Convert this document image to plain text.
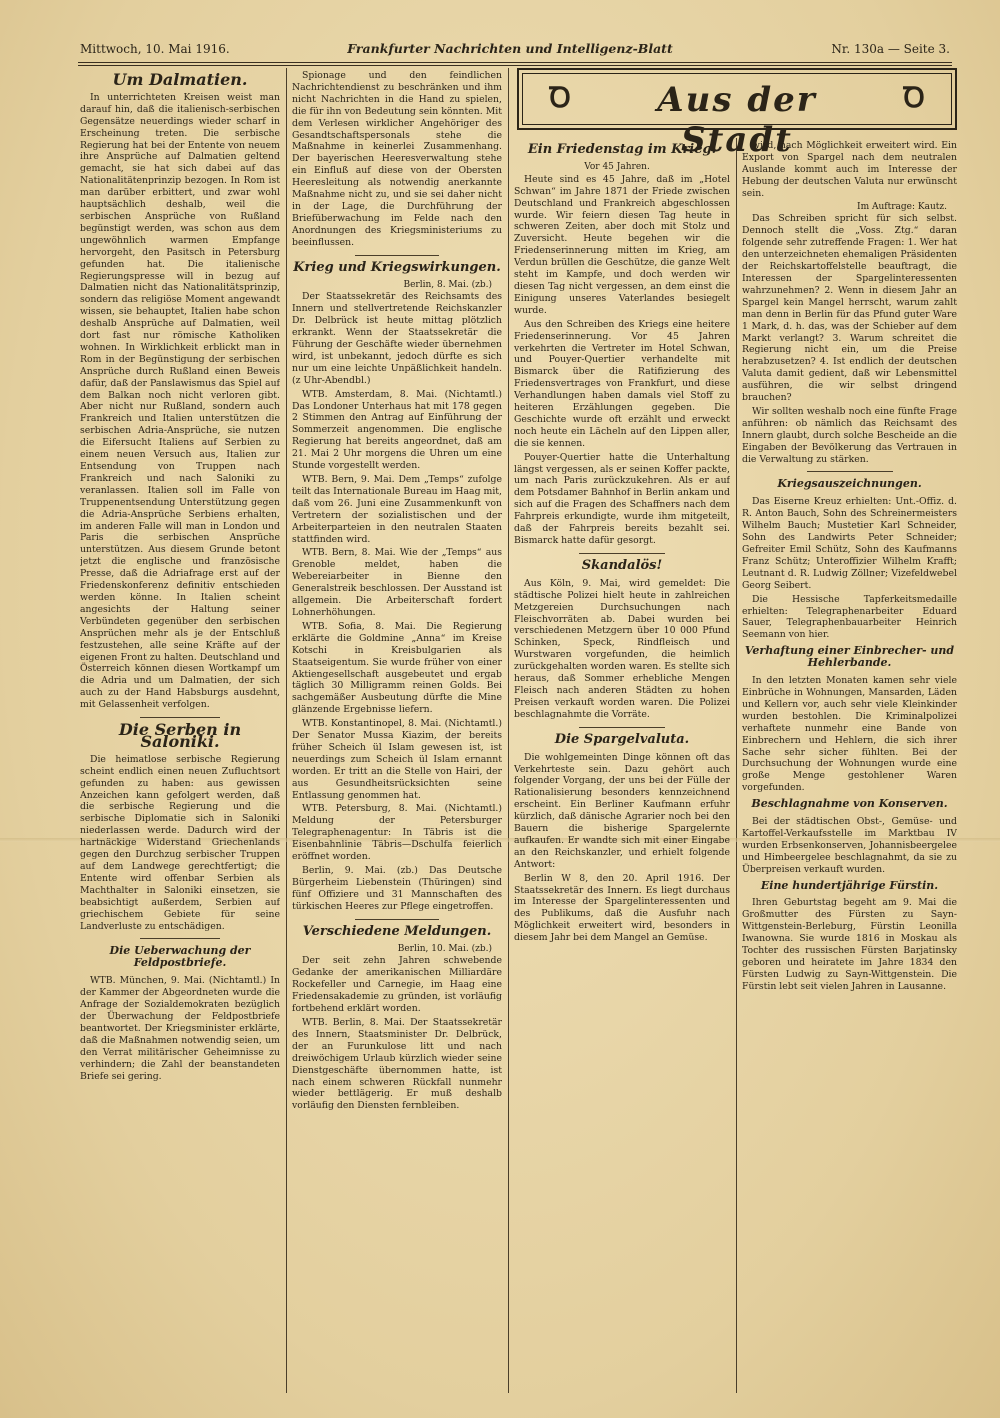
Mittwoch, 10. Mai 1916.	Frankfurter Nachrichten und Intelligenz-Blatt	Nr. 130a — Seite 3.
Ꝺ	Aus der Stadt
Ꝺ
Um Dalmatien.

In unterrichteten Kreisen weist man darauf hin, daß die italienisch-serbischen Gegensätze neuerdings wieder scharf in Erscheinung treten. Die serbische Regierung hat bei der Entente von neuem ihre Ansprüche auf Dalmatien geltend gemacht, sie hat sich dabei auf das Nationalitätenprinzip bezogen. In Rom ist man darüber erbittert, und zwar wohl hauptsächlich deshalb, weil die serbischen Ansprüche von Rußland begünstigt werden, was schon aus dem ungewöhnlich warmen Empfange hervorgeht, den Pasitsch in Petersburg gefunden hat. Die italienische Regierungspresse will in bezug auf Dalmatien nicht das Nationalitätsprinzip, sondern das religiöse Moment angewandt wissen, sie behauptet, Italien habe schon deshalb Ansprüche auf Dalmatien, weil dort fast nur römische Katholiken wohnen. In Wirklichkeit erblickt man in Rom in der Begünstigung der serbischen Ansprüche durch Rußland einen Beweis dafür, daß der Panslawismus das Spiel auf dem Balkan noch nicht verloren gibt. Aber nicht nur Rußland, sondern auch Frankreich und Italien unterstützen die serbischen Adria-Ansprüche, sie nutzen die Eifersucht Italiens auf Serbien zu einem neuen Versuch aus, Italien zur Entsendung von Truppen nach Frankreich und nach Saloniki zu veranlassen. Italien soll im Falle von Truppenentsendung Unterstützung gegen die Adria-Ansprüche Serbiens erhalten, im anderen Falle will man in London und Paris die serbischen Ansprüche unterstützen. Aus diesem Grunde betont jetzt die englische und französische Presse, daß die Adriafrage erst auf der Friedenskonferenz definitiv entschieden werden könne. In Italien scheint angesichts der Haltung seiner Verbündeten gegenüber den serbischen Ansprüchen mehr als je der Entschluß festzustehen, alle seine Kräfte auf der eigenen Front zu halten. Deutschland und Österreich können diesen Wortkampf um die Adria und um Dalmatien, der sich auch zu der Hand Habsburgs ausdehnt, mit Gelassenheit verfolgen.

Die Serben in Saloniki.

Die heimatlose serbische Regierung scheint endlich einen neuen Zufluchtsort gefunden zu haben: aus gewissen Anzeichen kann gefolgert werden, daß die serbische Regierung und die serbische Diplomatie sich in Saloniki niederlassen werde. Dadurch wird der hartnäckige Widerstand Griechenlands gegen den Durchzug serbischer Truppen auf dem Landwege gerechtfertigt; die Entente wird offenbar Serbien als Machthalter in Saloniki einsetzen, sie beabsichtigt außerdem, Serbien auf griechischem Gebiete für seine Landverluste zu entschädigen.

Die Ueberwachung der Feldpostbriefe.

WTB. München, 9. Mai. (Nichtamtl.) In der Kammer der Abgeordneten wurde die Anfrage der Sozialdemokraten bezüglich der Überwachung der Feldpostbriefe beantwortet. Der Kriegsminister erklärte, daß die Maßnahmen notwendig seien, um den Verrat militärischer Geheimnisse zu verhindern; die Zahl der beanstandeten Briefe sei gering.

Spionage und den feindlichen Nachrichtendienst zu beschränken und ihm nicht Nachrichten in die Hand zu spielen, die für ihn von Bedeutung sein könnten. Mit dem Verlesen wirklicher Angehöriger des Gesandtschaftspersonals stehe die Maßnahme in keinerlei Zusammenhang. Der bayerischen Heeresverwaltung stehe ein Einfluß auf diese von der Obersten Heeresleitung als notwendig anerkannte Maßnahme nicht zu, und sie sei daher nicht in der Lage, die Durchführung der Briefüberwachung im Felde nach den Anordnungen des Kriegsministeriums zu beeinflussen.

Krieg und Kriegswirkungen.
Berlin, 8. Mai. (zb.)

Der Staatssekretär des Reichsamts des Innern und stellvertretende Reichskanzler Dr. Delbrück ist heute mittag plötzlich erkrankt. Wenn der Staatssekretär die Führung der Geschäfte wieder übernehmen wird, ist unbekannt, jedoch dürfte es sich nur um eine leichte Unpäßlichkeit handeln. (z Uhr-Abendbl.)

WTB. Amsterdam, 8. Mai. (Nichtamtl.) Das Londoner Unterhaus hat mit 178 gegen 2 Stimmen den Antrag auf Einführung der Sommerzeit angenommen. Die englische Regierung hat bereits angeordnet, daß am 21. Mai 2 Uhr morgens die Uhren um eine Stunde vorgestellt werden.

WTB. Bern, 9. Mai. Dem „Temps“ zufolge teilt das Internationale Bureau im Haag mit, daß vom 26. Juni eine Zusammenkunft von Vertretern der sozialistischen und der Arbeiterparteien in den neutralen Staaten stattfinden wird.

WTB. Bern, 8. Mai. Wie der „Temps“ aus Grenoble meldet, haben die Webereiarbeiter in Bienne den Generalstreik beschlossen. Der Ausstand ist allgemein. Die Arbeiterschaft fordert Lohnerhöhungen.

WTB. Sofia, 8. Mai. Die Regierung erklärte die Goldmine „Anna“ im Kreise Kotschi in Kreisbulgarien als Staatseigentum. Sie wurde früher von einer Aktiengesellschaft ausgebeutet und ergab täglich 30 Milligramm reinen Golds. Bei sachgemäßer Ausbeutung dürfte die Mine glänzende Ergebnisse liefern.

WTB. Konstantinopel, 8. Mai. (Nichtamtl.) Der Senator Mussa Kiazim, der bereits früher Scheich ül Islam gewesen ist, ist neuerdings zum Scheich ül Islam ernannt worden. Er tritt an die Stelle von Hairi, der aus Gesundheitsrücksichten seine Entlassung genommen hat.

WTB. Petersburg, 8. Mai. (Nichtamtl.) Meldung der Petersburger Telegraphenagentur: In Täbris ist die Eisenbahnlinie Täbris—Dschulfa feierlich eröffnet worden.

Berlin, 9. Mai. (zb.) Das Deutsche Bürgerheim Liebenstein (Thüringen) sind fünf Offiziere und 31 Mannschaften des türkischen Heeres zur Pflege eingetroffen.

Verschiedene Meldungen.
Berlin, 10. Mai. (zb.)

Der seit zehn Jahren schwebende Gedanke der amerikanischen Milliardäre Rockefeller und Carnegie, im Haag eine Friedensakademie zu gründen, ist vorläufig fortbehend erklärt worden.

WTB. Berlin, 8. Mai. Der Staatssekretär des Innern, Staatsminister Dr. Delbrück, der an Furunkulose litt und nach dreiwöchigem Urlaub kürzlich wieder seine Dienstgeschäfte übernommen hatte, ist nach einem schweren Rückfall nunmehr wieder bettlägerig. Er muß deshalb vorläufig den Diensten fernbleiben.

Ein Friedenstag im Krieg.
Vor 45 Jahren.

Heute sind es 45 Jahre, daß im „Hotel Schwan“ im Jahre 1871 der Friede zwischen Deutschland und Frankreich abgeschlossen wurde. Wir feiern diesen Tag heute in schweren Zeiten, aber doch mit Stolz und Zuversicht. Heute begehen wir die Friedenserinnerung mitten im Krieg, am Verdun brüllen die Geschütze, die ganze Welt steht im Kampfe, und doch werden wir diesen Tag nicht vergessen, an dem einst die Einigung unseres Vaterlandes besiegelt wurde.

Aus den Schreiben des Kriegs eine heitere Friedenserinnerung. Vor 45 Jahren verkehrten die Vertreter im Hotel Schwan, und Pouyer-Quertier verhandelte mit Bismarck über die Ratifizierung des Friedensvertrages von Frankfurt, und diese Verhandlungen haben damals viel Stoff zu heiteren Erzählungen gegeben. Die Geschichte wurde oft erzählt und erweckt noch heute ein Lächeln auf den Lippen aller, die sie kennen.

Pouyer-Quertier hatte die Unterhaltung längst vergessen, als er seinen Koffer packte, um nach Paris zurückzukehren. Als er auf dem Potsdamer Bahnhof in Berlin ankam und sich auf die Fragen des Schaffners nach dem Fahrpreis erkundigte, wurde ihm mitgeteilt, daß der Fahrpreis bereits bezahlt sei. Bismarck hatte dafür gesorgt.

Skandalös!

Aus Köln, 9. Mai, wird gemeldet: Die städtische Polizei hielt heute in zahlreichen Metzgereien Durchsuchungen nach Fleischvorräten ab. Dabei wurden bei verschiedenen Metzgern über 10 000 Pfund Schinken, Speck, Rindfleisch und Wurstwaren vorgefunden, die heimlich zurückgehalten worden waren. Es stellte sich heraus, daß Sommer erhebliche Mengen Fleisch nach anderen Städten zu hohen Preisen verkauft worden waren. Die Polizei beschlagnahmte die Vorräte.

Die Spargelvaluta.

Die wohlgemeinten Dinge können oft das Verkehrteste sein. Dazu gehört auch folgender Vorgang, der uns bei der Fülle der Rationalisierung besonders kennzeichnend erscheint. Ein Berliner Kaufmann erfuhr kürzlich, daß dänische Agrarier noch bei den Bauern die bisherige Spargelernte aufkaufen. Er wandte sich mit einer Eingabe an den Reichskanzler, und erhielt folgende Antwort:

Berlin W 8, den 20. April 1916. Der Staatssekretär des Innern. Es liegt durchaus im Interesse der Spargelinteressenten und des Publikums, daß die Ausfuhr nach Möglichkeit erweitert wird, besonders in diesem Jahr bei dem Mangel an Gemüse.

wird, nach Möglichkeit erweitert wird. Ein Export von Spargel nach dem neutralen Auslande kommt auch im Interesse der Hebung der deutschen Valuta nur erwünscht sein.

Im Auftrage: Kautz.

Das Schreiben spricht für sich selbst. Dennoch stellt die „Voss. Ztg.“ daran folgende sehr zutreffende Fragen: 1. Wer hat den unterzeichneten ehemaligen Präsidenten der Reichskartoffelstelle beauftragt, die Interessen der Spargelinteressenten wahrzunehmen? 2. Wenn in diesem Jahr an Spargel kein Mangel herrscht, warum zahlt man denn in Berlin für das Pfund guter Ware 1 Mark, d. h. das, was der Schieber auf dem Markt verlangt? 3. Warum schreitet die Regierung nicht ein, um die Preise herabzusetzen? 4. Ist endlich der deutschen Valuta damit gedient, daß wir Lebensmittel ausführen, die wir selbst dringend brauchen?

Wir sollten weshalb noch eine fünfte Frage anführen: ob nämlich das Reichsamt des Innern glaubt, durch solche Bescheide an die Eingaben der Bevölkerung das Vertrauen in die Verwaltung zu stärken.

Kriegsauszeichnungen.

Das Eiserne Kreuz erhielten: Unt.-Offiz. d. R. Anton Bauch, Sohn des Schreinermeisters Wilhelm Bauch; Mustetier Karl Schneider, Sohn des Landwirts Peter Schneider; Gefreiter Emil Schütz, Sohn des Kaufmanns Franz Schütz; Unteroffizier Wilhelm Krafft; Leutnant d. R. Ludwig Zöllner; Vizefeldwebel Georg Seibert.

Die Hessische Tapferkeitsmedaille erhielten: Telegraphenarbeiter Eduard Sauer, Telegraphenbauarbeiter Heinrich Seemann von hier.

Verhaftung einer Einbrecher- und Hehlerbande.

In den letzten Monaten kamen sehr viele Einbrüche in Wohnungen, Mansarden, Läden und Kellern vor, auch sehr viele Kleinkinder wurden bestohlen. Die Kriminalpolizei verhaftete nunmehr eine Bande von Einbrechern und Hehlern, die sich ihrer Sache sehr sicher fühlten. Bei der Durchsuchung der Wohnungen wurde eine große Menge gestohlener Waren vorgefunden.

Beschlagnahme von Konserven.

Bei der städtischen Obst-, Gemüse- und Kartoffel-Verkaufsstelle im Marktbau IV wurden Erbsenkonserven, Johannisbeergelee und Himbeergelee beschlagnahmt, da sie zu Überpreisen verkauft wurden.

Eine hundertjährige Fürstin.

Ihren Geburtstag begeht am 9. Mai die Großmutter des Fürsten zu Sayn-Wittgenstein-Berleburg, Fürstin Leonilla Iwanowna. Sie wurde 1816 in Moskau als Tochter des russischen Fürsten Barjatinsky geboren und heiratete im Jahre 1834 den Fürsten Ludwig zu Sayn-Wittgenstein. Die Fürstin lebt seit vielen Jahren in Lausanne.
